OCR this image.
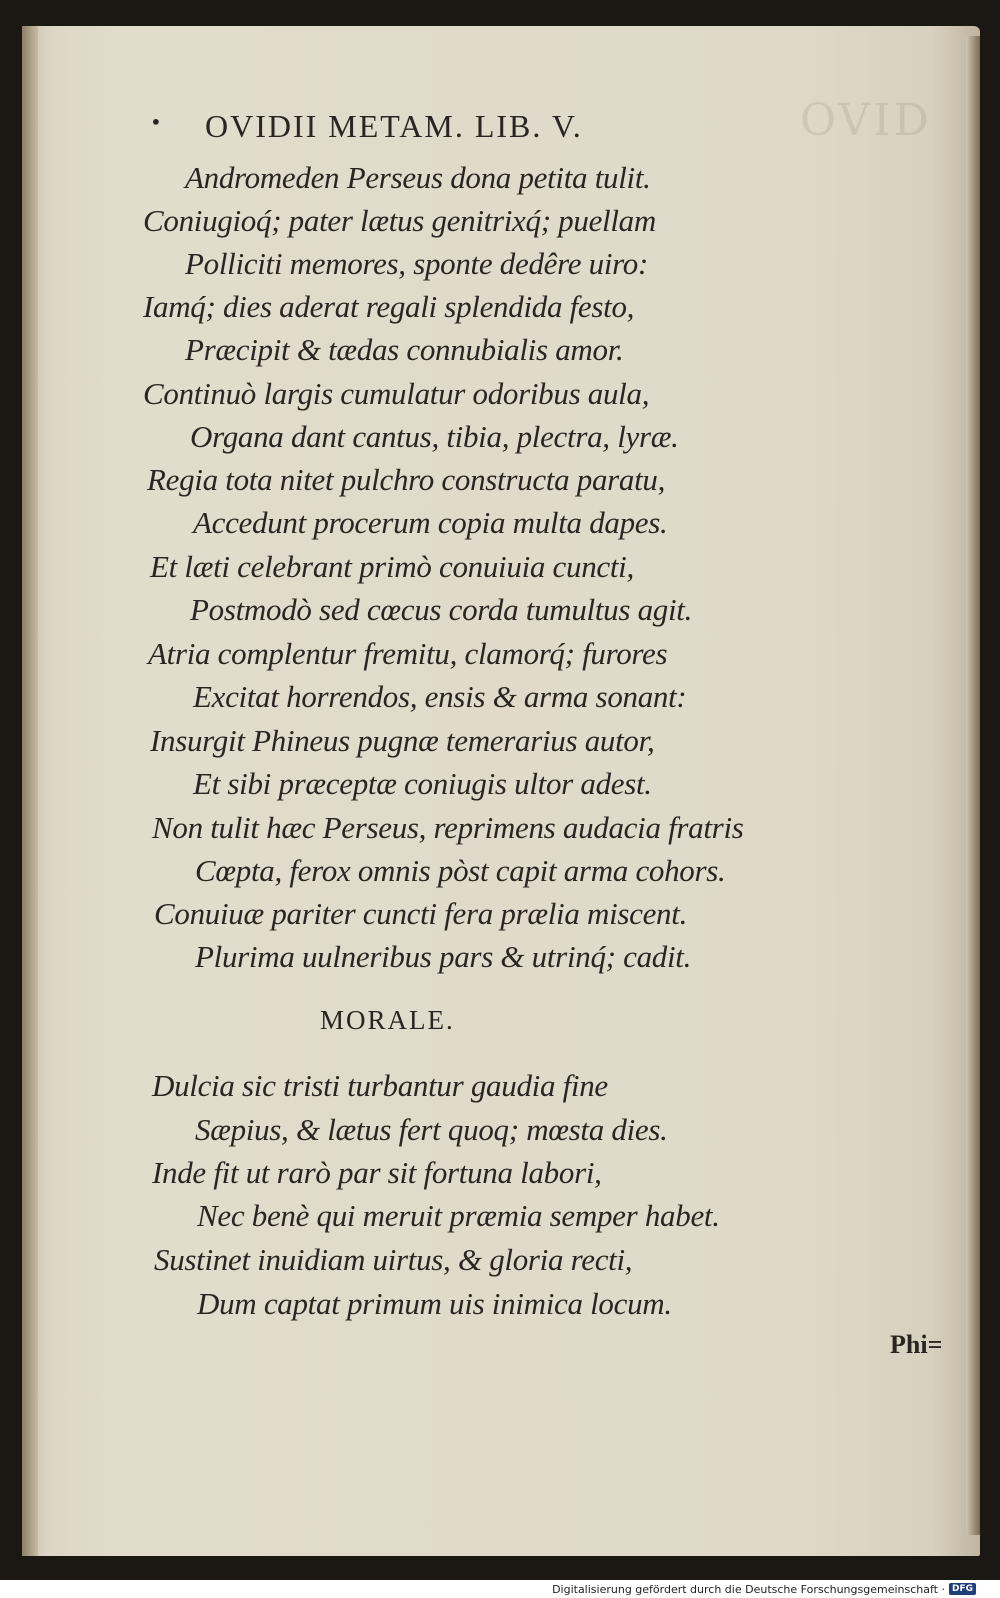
OVID
• OVIDII METAM. LIB. V.
Andromeden Perseus dona petita tulit.
Coniugioq́; pater lætus genitrixq́; puellam
Polliciti memores, sponte dedêre uiro:
Iamq́; dies aderat regali splendida festo,
Præcipit & tædas connubialis amor.
Continuò largis cumulatur odoribus aula,
Organa dant cantus, tibia, plectra, lyræ.
Regia tota nitet pulchro constructa paratu,
Accedunt procerum copia multa dapes.
Et læti celebrant primò conuiuia cuncti,
Postmodò sed cœcus corda tumultus agit.
Atria complentur fremitu, clamorq́; furores
Excitat horrendos, ensis & arma sonant:
Insurgit Phineus pugnæ temerarius autor,
Et sibi præceptæ coniugis ultor adest.
Non tulit hæc Perseus, reprimens audacia fratris
Cœpta, ferox omnis pòst capit arma cohors.
Conuiuæ pariter cuncti fera prælia miscent.
Plurima uulneribus pars & utrinq́; cadit.
MORALE.
Dulcia sic tristi turbantur gaudia fine
Sæpius, & lætus fert quoq; mœsta dies.
Inde fit ut rarò par sit fortuna labori,
Nec benè qui meruit præmia semper habet.
Sustinet inuidiam uirtus, & gloria recti,
Dum captat primum uis inimica locum.
Phi=
Digitalisierung gefördert durch die Deutsche Forschungsgemeinschaft · DFG
